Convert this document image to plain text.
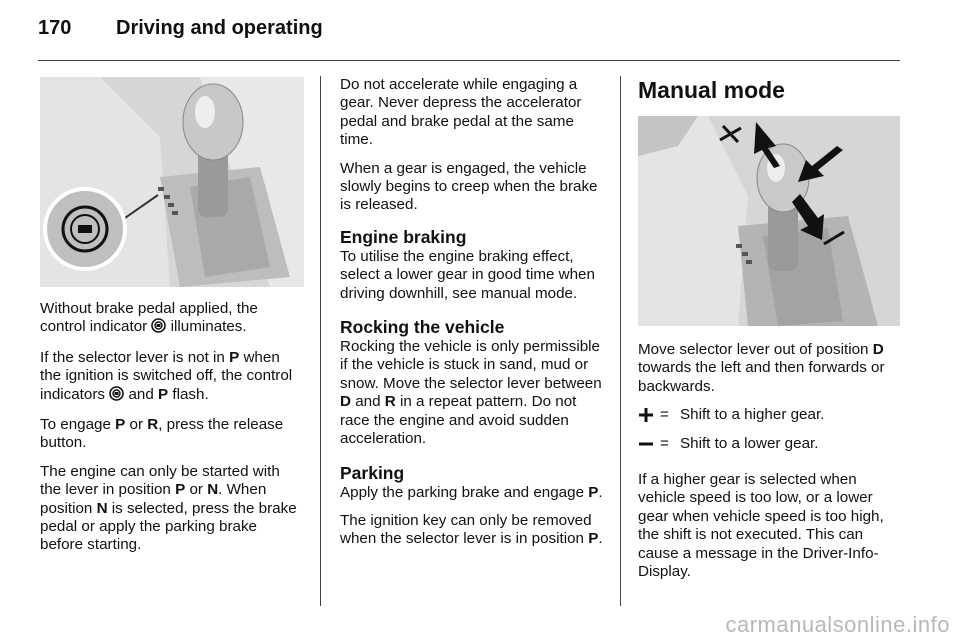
170 Driving and operating

Without brake pedal applied, the control indicator  illuminates.

If the selector lever is not in P when the ignition is switched off, the control indicators  and P flash.

To engage P or R, press the release button.

The engine can only be started with the lever in position P or N. When position N is selected, press the brake pedal or apply the parking brake before starting.

Do not accelerate while engaging a gear. Never depress the accelerator pedal and brake pedal at the same time.

When a gear is engaged, the vehicle slowly begins to creep when the brake is released.

Engine braking

To utilise the engine braking effect, select a lower gear in good time when driving downhill, see manual mode.

Rocking the vehicle

Rocking the vehicle is only permissible if the vehicle is stuck in sand, mud or snow. Move the selector lever between D and R in a repeat pattern. Do not race the engine and avoid sudden acceleration.

Parking

Apply the parking brake and engage P.

The ignition key can only be removed when the selector lever is in position P.

Manual mode

Move selector lever out of position D towards the left and then forwards or backwards.

= Shift to a higher gear.
= Shift to a lower gear.

If a higher gear is selected when vehicle speed is too low, or a lower gear when vehicle speed is too high, the shift is not executed. This can cause a message in the Driver-Info-Display.

carmanualsonline.info
